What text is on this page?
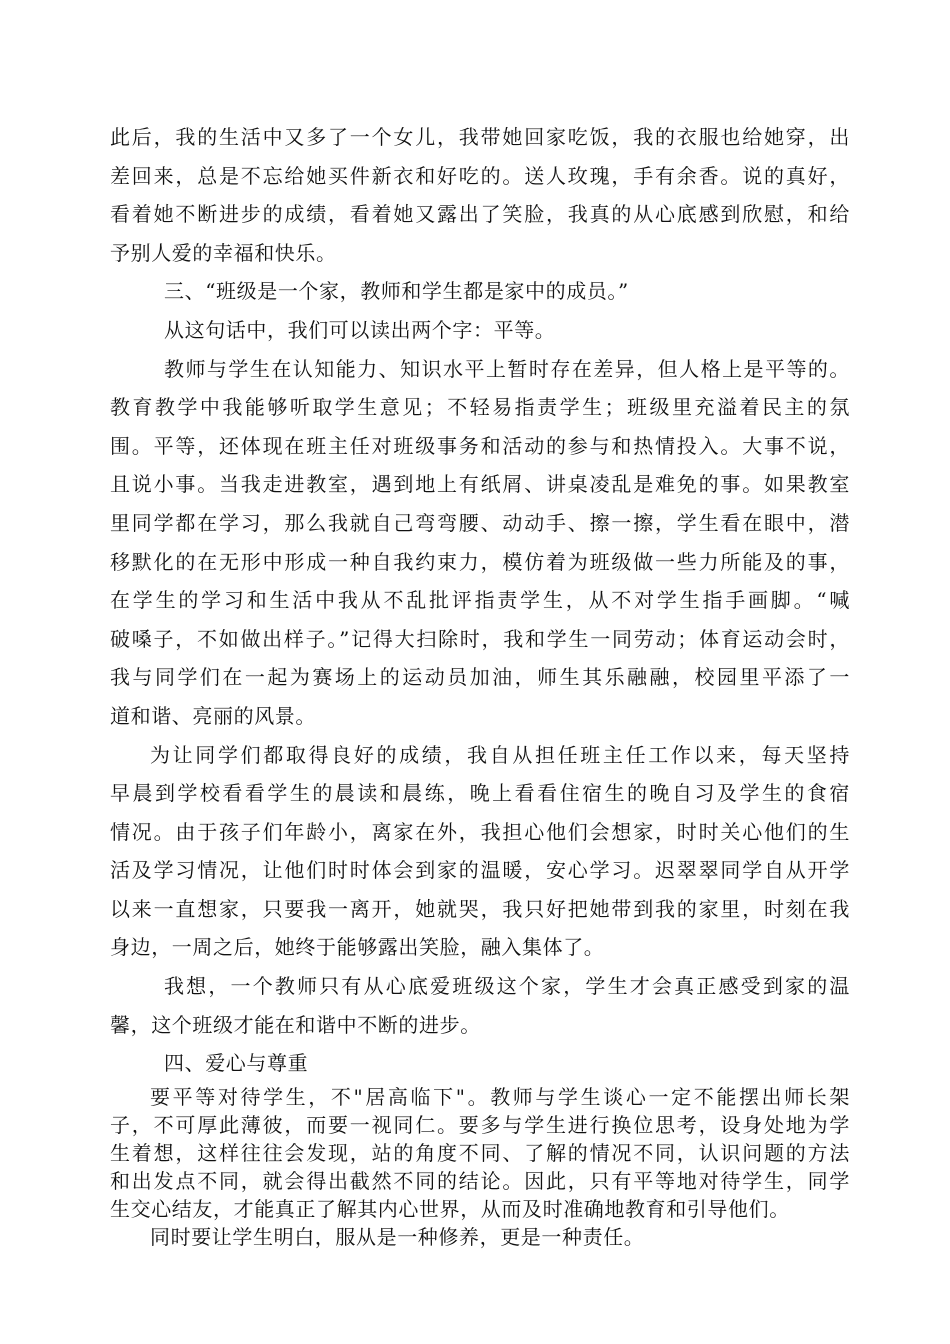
此后，我的生活中又多了一个女儿，我带她回家吃饭，我的衣服也给她穿，出
差回来，总是不忘给她买件新衣和好吃的。送人玫瑰，手有余香。说的真好，
看着她不断进步的成绩，看着她又露出了笑脸，我真的从心底感到欣慰，和给
予别人爱的幸福和快乐。
三、“班级是一个家，教师和学生都是家中的成员。”
从这句话中，我们可以读出两个字：平等。
教师与学生在认知能力、知识水平上暂时存在差异，但人格上是平等的。
教育教学中我能够听取学生意见；不轻易指责学生；班级里充溢着民主的氛
围。平等，还体现在班主任对班级事务和活动的参与和热情投入。大事不说，
且说小事。当我走进教室，遇到地上有纸屑、讲桌凌乱是难免的事。如果教室
里同学都在学习，那么我就自己弯弯腰、动动手、擦一擦，学生看在眼中，潜
移默化的在无形中形成一种自我约束力，模仿着为班级做一些力所能及的事，
在学生的学习和生活中我从不乱批评指责学生，从不对学生指手画脚。“喊
破嗓子，不如做出样子。”记得大扫除时，我和学生一同劳动；体育运动会时，
我与同学们在一起为赛场上的运动员加油，师生其乐融融，校园里平添了一
道和谐、亮丽的风景。
为让同学们都取得良好的成绩，我自从担任班主任工作以来，每天坚持
早晨到学校看看学生的晨读和晨练，晚上看看住宿生的晚自习及学生的食宿
情况。由于孩子们年龄小，离家在外，我担心他们会想家，时时关心他们的生
活及学习情况，让他们时时体会到家的温暖，安心学习。迟翠翠同学自从开学
以来一直想家，只要我一离开，她就哭，我只好把她带到我的家里，时刻在我
身边，一周之后，她终于能够露出笑脸，融入集体了。
我想，一个教师只有从心底爱班级这个家，学生才会真正感受到家的温
馨，这个班级才能在和谐中不断的进步。
四、爱心与尊重
要平等对待学生，不"居高临下"。教师与学生谈心一定不能摆出师长架
子，不可厚此薄彼，而要一视同仁。要多与学生进行换位思考，设身处地为学
生着想，这样往往会发现，站的角度不同、了解的情况不同，认识问题的方法
和出发点不同，就会得出截然不同的结论。因此，只有平等地对待学生，同学
生交心结友，才能真正了解其内心世界，从而及时准确地教育和引导他们。
同时要让学生明白，服从是一种修养，更是一种责任。
